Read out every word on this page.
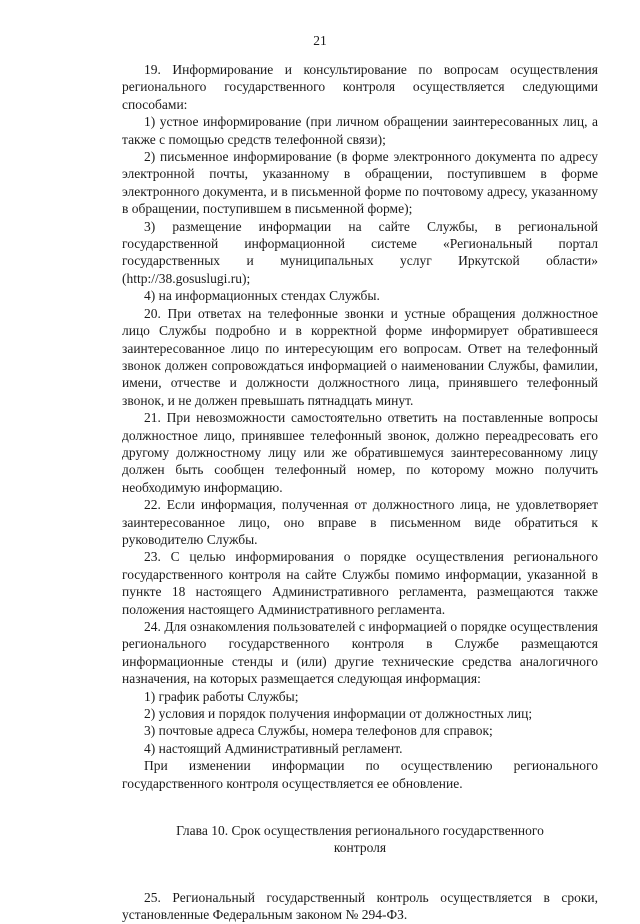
21

19. Информирование и консультирование по вопросам осуществления регионального государственного контроля осуществляется следующими способами:

1) устное информирование (при личном обращении заинтересованных лиц, а также с помощью средств телефонной связи);

2) письменное информирование (в форме электронного документа по адресу электронной почты, указанному в обращении, поступившем в форме электронного документа, и в письменной форме по почтовому адресу, указанному в обращении, поступившем в письменной форме);

3) размещение информации на сайте Службы, в региональной государственной информационной системе «Региональный портал государственных и муниципальных услуг Иркутской области» (http://38.gosuslugi.ru);

4) на информационных стендах Службы.

20. При ответах на телефонные звонки и устные обращения должностное лицо Службы подробно и в корректной форме информирует обратившееся заинтересованное лицо по интересующим его вопросам. Ответ на телефонный звонок должен сопровождаться информацией о наименовании Службы, фамилии, имени, отчестве и должности должностного лица, принявшего телефонный звонок, и не должен превышать пятнадцать минут.

21. При невозможности самостоятельно ответить на поставленные вопросы должностное лицо, принявшее телефонный звонок, должно переадресовать его другому должностному лицу или же обратившемуся заинтересованному лицу должен быть сообщен телефонный номер, по которому можно получить необходимую информацию.

22. Если информация, полученная от должностного лица, не удовлетворяет заинтересованное лицо, оно вправе в письменном виде обратиться к руководителю Службы.

23. С целью информирования о порядке осуществления регионального государственного контроля на сайте Службы помимо информации, указанной в пункте 18 настоящего Административного регламента, размещаются также положения настоящего Административного регламента.

24. Для ознакомления пользователей с информацией о порядке осуществления регионального государственного контроля в Службе размещаются информационные стенды и (или) другие технические средства аналогичного назначения, на которых размещается следующая информация:

1) график работы Службы;

2) условия и порядок получения информации от должностных лиц;

3) почтовые адреса Службы, номера телефонов для справок;

4) настоящий Административный регламент.

При изменении информации по осуществлению регионального государственного контроля осуществляется ее обновление.

Глава 10. Срок осуществления регионального государственного контроля

25. Региональный государственный контроль осуществляется в сроки, установленные Федеральным законом № 294-ФЗ.
